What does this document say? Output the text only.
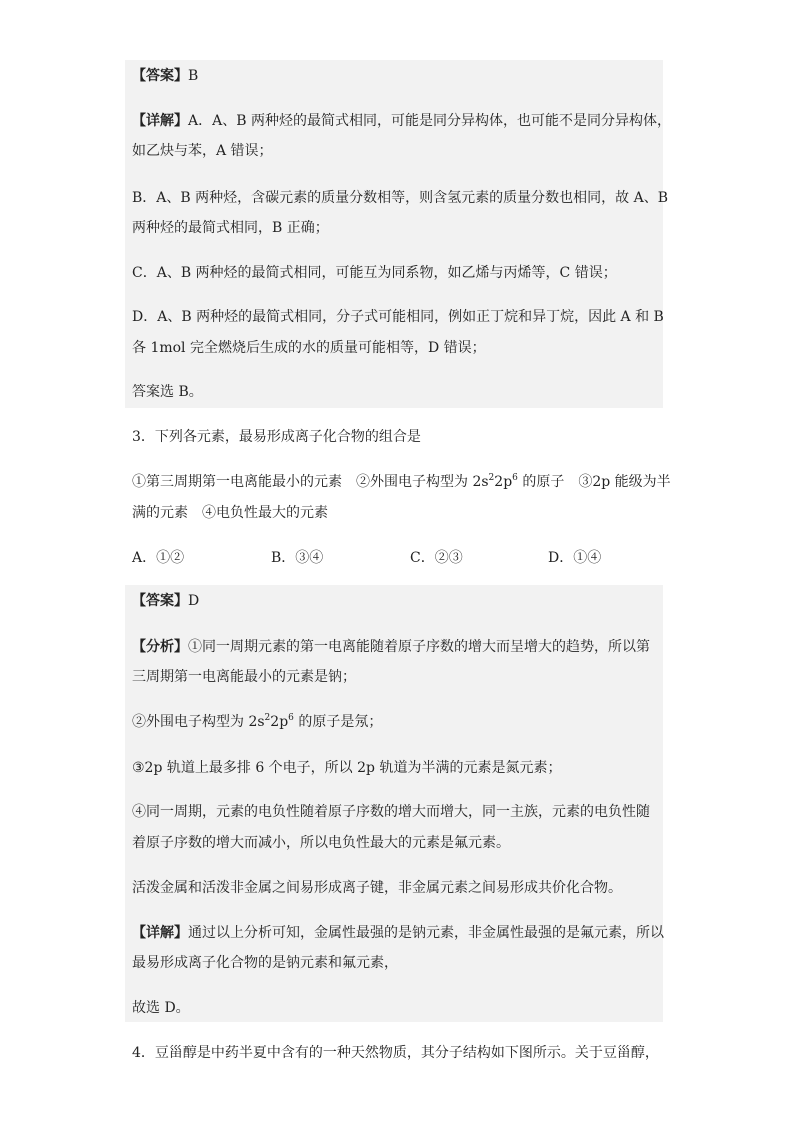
【答案】B
【详解】A．A、B 两种烃的最简式相同，可能是同分异构体，也可能不是同分异构体，
如乙炔与苯，A 错误；
B．A、B 两种烃，含碳元素的质量分数相等，则含氢元素的质量分数也相同，故 A、B
两种烃的最简式相同，B 正确；
C．A、B 两种烃的最简式相同，可能互为同系物，如乙烯与丙烯等，C 错误；
D．A、B 两种烃的最简式相同，分子式可能相同，例如正丁烷和异丁烷，因此 A 和 B
各 1mol 完全燃烧后生成的水的质量可能相等，D 错误；
答案选 B。
3．下列各元素，最易形成离子化合物的组合是
①第三周期第一电离能最小的元素　②外围电子构型为 $2s^22p^6$ 的原子　③2p 能级为半
满的元素　④电负性最大的元素
A．①②	B．③④	C．②③	D．①④
【答案】D
【分析】①同一周期元素的第一电离能随着原子序数的增大而呈增大的趋势，所以第
三周期第一电离能最小的元素是钠；
②外围电子构型为 $2s^22p^6$ 的原子是氖；
③2p 轨道上最多排 6 个电子，所以 2p 轨道为半满的元素是氮元素；
④同一周期，元素的电负性随着原子序数的增大而增大，同一主族，元素的电负性随
着原子序数的增大而减小，所以电负性最大的元素是氟元素。
活泼金属和活泼非金属之间易形成离子键，非金属元素之间易形成共价化合物。
【详解】通过以上分析可知，金属性最强的是钠元素，非金属性最强的是氟元素，所以
最易形成离子化合物的是钠元素和氟元素，
故选 D。
4．豆甾醇是中药半夏中含有的一种天然物质，其分子结构如下图所示。关于豆甾醇，
